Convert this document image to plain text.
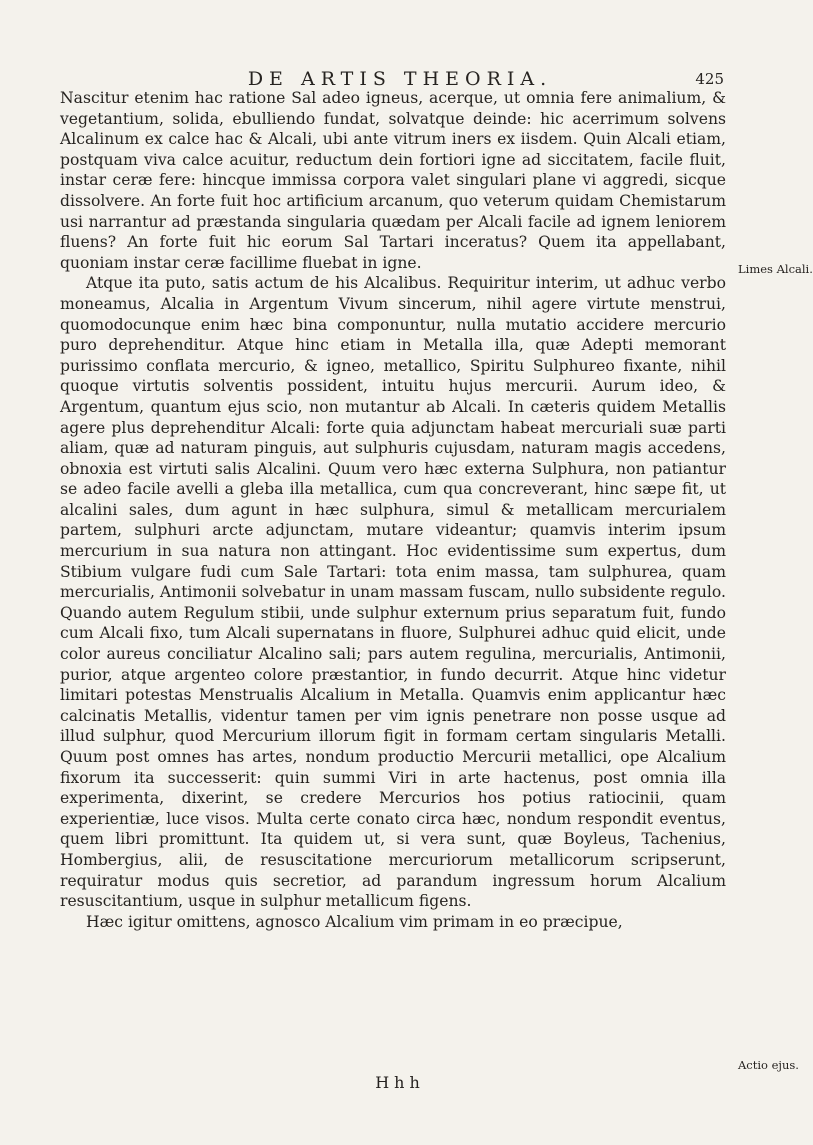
DE ARTIS THEORIA.	425

Nascitur etenim hac ratione Sal adeo igneus, acerque, ut omnia fere animalium, & vegetantium, solida, ebulliendo fundat, solvatque deinde: hic acerrimum solvens Alcalinum ex calce hac & Alcali, ubi ante vitrum iners ex iisdem. Quin Alcali etiam, postquam viva calce acuitur, reductum dein fortiori igne ad siccitatem, facile fluit, instar ceræ fere: hincque immissa corpora valet singulari plane vi aggredi, sicque dissolvere. An forte fuit hoc artificium arcanum, quo veterum quidam Chemistarum usi narrantur ad præstanda singularia quædam per Alcali facile ad ignem leniorem fluens? An forte fuit hic eorum Sal Tartari inceratus? Quem ita appellabant, quoniam instar ceræ facillime fluebat in igne.

Atque ita puto, satis actum de his Alcalibus. Requiritur interim, ut adhuc verbo moneamus, Alcalia in Argentum Vivum sincerum, nihil agere virtute menstrui, quomodocunque enim hæc bina componuntur, nulla mutatio accidere mercurio puro deprehenditur. Atque hinc etiam in Metalla illa, quæ Adepti memorant purissimo conflata mercurio, & igneo, metallico, Spiritu Sulphureo fixante, nihil quoque virtutis solventis possident, intuitu hujus mercurii. Aurum ideo, & Argentum, quantum ejus scio, non mutantur ab Alcali. In cæteris quidem Metallis agere plus deprehenditur Alcali: forte quia adjunctam habeat mercuriali suæ parti aliam, quæ ad naturam pinguis, aut sulphuris cujusdam, naturam magis accedens, obnoxia est virtuti salis Alcalini. Quum vero hæc externa Sulphura, non patiantur se adeo facile avelli a gleba illa metallica, cum qua concreverant, hinc sæpe fit, ut alcalini sales, dum agunt in hæc sulphura, simul & metallicam mercurialem partem, sulphuri arcte adjunctam, mutare videantur; quamvis interim ipsum mercurium in sua natura non attingant. Hoc evidentissime sum expertus, dum Stibium vulgare fudi cum Sale Tartari: tota enim massa, tam sulphurea, quam mercurialis, Antimonii solvebatur in unam massam fuscam, nullo subsidente regulo. Quando autem Regulum stibii, unde sulphur externum prius separatum fuit, fundo cum Alcali fixo, tum Alcali supernatans in fluore, Sulphurei adhuc quid elicit, unde color aureus conciliatur Alcalino sali; pars autem regulina, mercurialis, Antimonii, purior, atque argenteo colore præstantior, in fundo decurrit. Atque hinc videtur limitari potestas Menstrualis Alcalium in Metalla. Quamvis enim applicantur hæc calcinatis Metallis, videntur tamen per vim ignis penetrare non posse usque ad illud sulphur, quod Mercurium illorum figit in formam certam singularis Metalli. Quum post omnes has artes, nondum productio Mercurii metallici, ope Alcalium fixorum ita successerit: quin summi Viri in arte hactenus, post omnia illa experimenta, dixerint, se credere Mercurios hos potius ratiocinii, quam experientiæ, luce visos. Multa certe conato circa hæc, nondum respondit eventus, quem libri promittunt. Ita quidem ut, si vera sunt, quæ Boyleus, Tachenius, Hombergius, alii, de resuscitatione mercuriorum metallicorum scripserunt, requiratur modus quis secretior, ad parandum ingressum horum Alcalium resuscitantium, usque in sulphur metallicum figens.

Hæc igitur omittens, agnosco Alcalium vim primam in eo præcipue,

Limes Alcali.
Actio ejus.
Hhh
